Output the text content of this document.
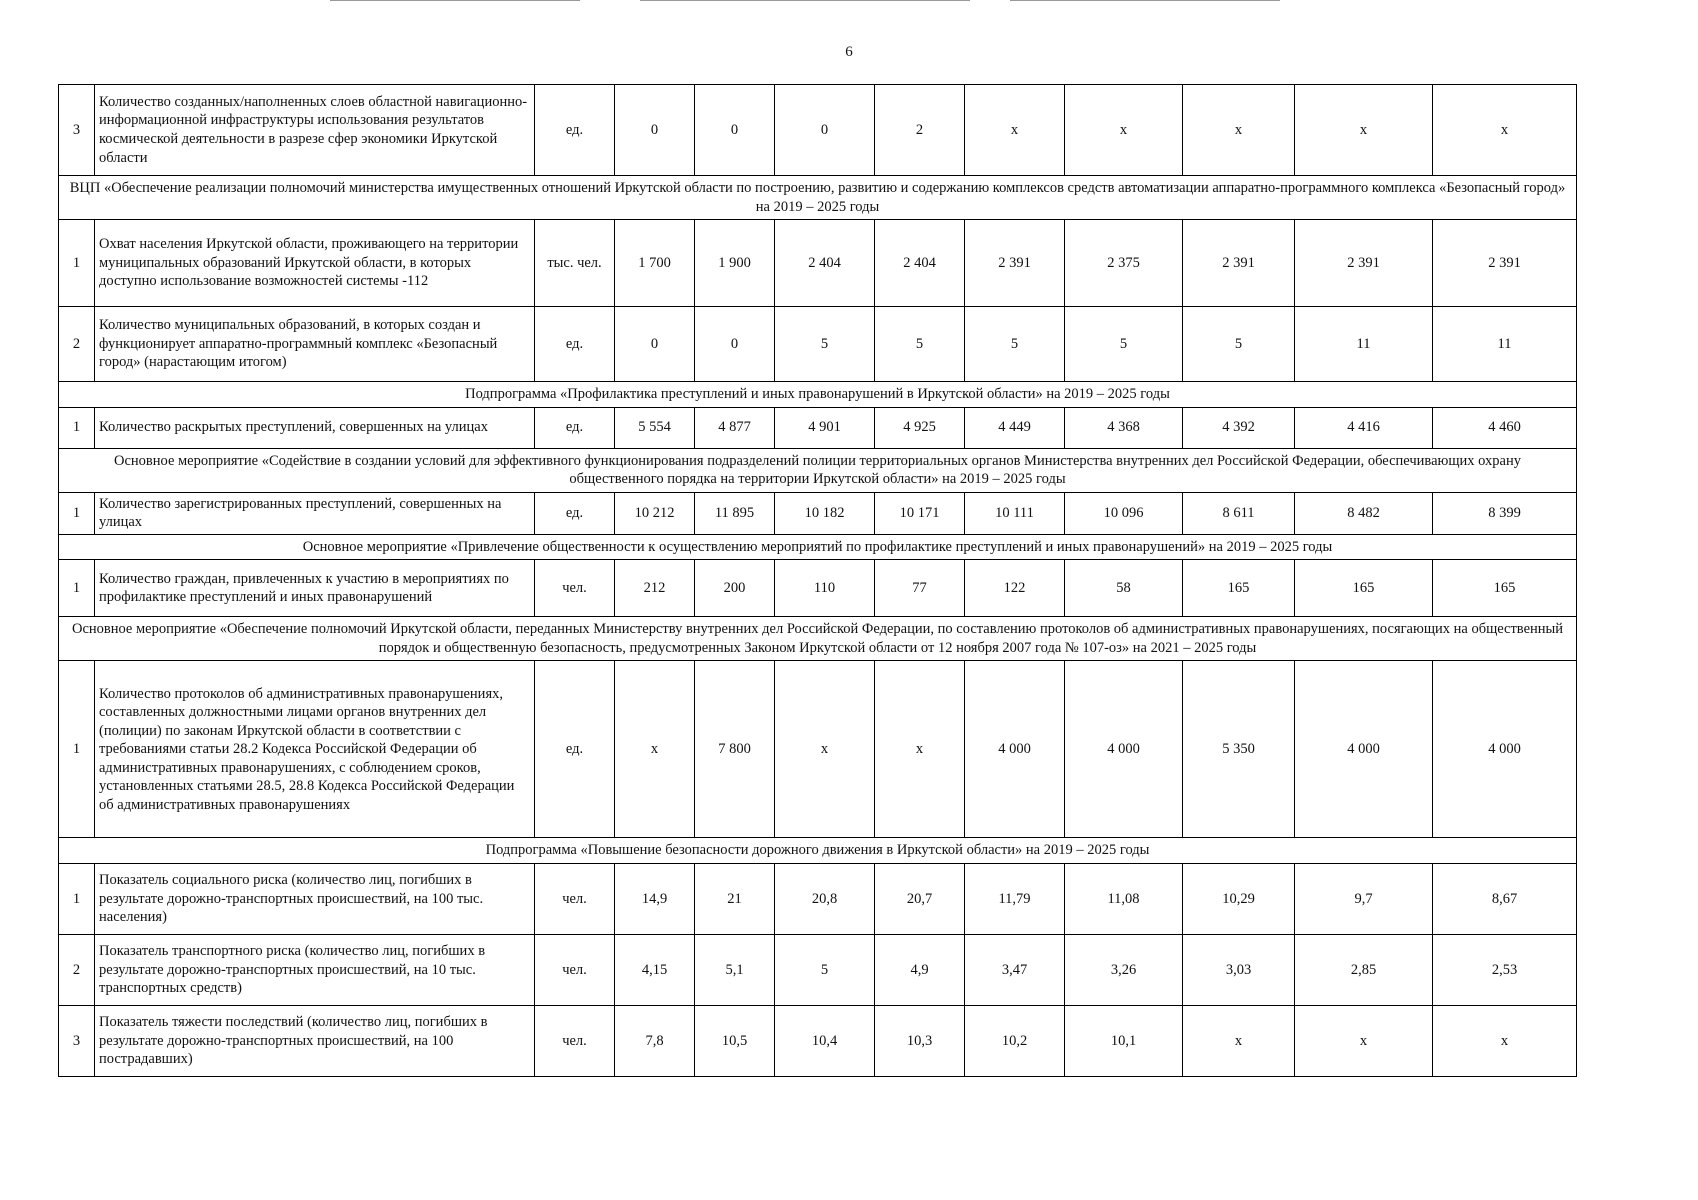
6
3	Количество созданных/наполненных слоев областной навигационно-информационной инфраструктуры использования результатов космической деятельности в разрезе сфер экономики Иркутской области	ед.	0	0	0	2	х	х	х	х	х
ВЦП «Обеспечение реализации полномочий министерства имущественных отношений Иркутской области по построению, развитию и содержанию комплексов средств автоматизации аппаратно-программного комплекса «Безопасный город» на 2019 – 2025 годы											
1	Охват населения Иркутской области, проживающего на территории муниципальных образований Иркутской области, в которых доступно использование возможностей системы -112	тыс. чел.	1 700	1 900	2 404	2 404	2 391	2 375	2 391	2 391	2 391
2	Количество муниципальных образований, в которых создан и функционирует аппаратно-программный комплекс «Безопасный город» (нарастающим итогом)	ед.	0	0	5	5	5	5	5	11	11
Подпрограмма «Профилактика преступлений и иных правонарушений в Иркутской области» на 2019 – 2025 годы											
1	Количество раскрытых преступлений, совершенных на улицах	ед.	5 554	4 877	4 901	4 925	4 449	4 368	4 392	4 416	4 460
Основное мероприятие «Содействие в создании условий для эффективного функционирования подразделений полиции территориальных органов Министерства внутренних дел Российской Федерации, обеспечивающих охрану общественного порядка на территории Иркутской области» на 2019 – 2025 годы											
1	Количество зарегистрированных преступлений, совершенных на улицах	ед.	10 212	11 895	10 182	10 171	10 111	10 096	8 611	8 482	8 399
Основное мероприятие «Привлечение общественности к осуществлению мероприятий по профилактике преступлений и иных правонарушений» на 2019 – 2025 годы											
1	Количество граждан, привлеченных к участию в мероприятиях по профилактике преступлений и иных правонарушений	чел.	212	200	110	77	122	58	165	165	165
Основное мероприятие «Обеспечение полномочий Иркутской области, переданных Министерству внутренних дел Российской Федерации, по составлению протоколов об административных правонарушениях, посягающих на общественный порядок и общественную безопасность, предусмотренных Законом Иркутской области от 12 ноября 2007 года № 107-оз» на 2021 – 2025 годы											
1	Количество протоколов об административных правонарушениях, составленных должностными лицами органов внутренних дел (полиции) по законам Иркутской области в соответствии с требованиями статьи 28.2 Кодекса Российской Федерации об административных правонарушениях, с соблюдением сроков, установленных статьями 28.5, 28.8 Кодекса Российской Федерации об административных правонарушениях	ед.	х	7 800	х	х	4 000	4 000	5 350	4 000	4 000
Подпрограмма «Повышение безопасности дорожного движения в Иркутской области» на 2019 – 2025 годы											
1	Показатель социального риска (количество лиц, погибших в результате дорожно-транспортных происшествий, на 100 тыс. населения)	чел.	14,9	21	20,8	20,7	11,79	11,08	10,29	9,7	8,67
2	Показатель транспортного риска (количество лиц, погибших в результате дорожно-транспортных происшествий, на 10 тыс. транспортных средств)	чел.	4,15	5,1	5	4,9	3,47	3,26	3,03	2,85	2,53
3	Показатель тяжести последствий (количество лиц, погибших в результате дорожно-транспортных происшествий, на 100 пострадавших)	чел.	7,8	10,5	10,4	10,3	10,2	10,1	х	х	х
